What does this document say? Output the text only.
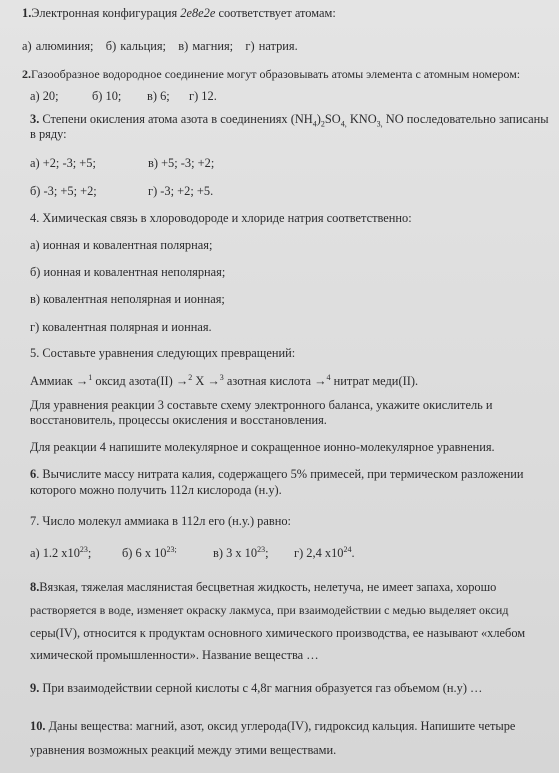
1.Электронная конфигурация 2e8e2e соответствует атомам:
а) алюминия;   б) кальция;   в) магния;   г) натрия.
2.Газообразное водородное соединение могут образовывать атомы элемента с атомным номером:
а) 20;	б) 10; в) 6; г) 12.
3. Степени окисления атома азота в соединениях $(NH_4)_2SO_{4,}$ $KNO_{3,}$ NO последовательно записаны
в ряду:
а) +2; -3; +5;	в) +5; -3; +2;
б) -3; +5; +2;	г) -3; +2; +5.
4. Химическая связь в хлороводороде и хлориде натрия соответственно:
а) ионная и ковалентная полярная;
б) ионная и ковалентная неполярная;
в) ковалентная неполярная и ионная;
г) ковалентная полярная и ионная.
5. Составьте уравнения следующих превращений:
Аммиак →$^1$ оксид азота(II) →$^2$ X →$^3$ азотная кислота →$^4$ нитрат меди(II).
Для уравнения реакции 3 составьте схему электронного баланса, укажите окислитель и
восстановитель, процессы окисления и восстановления.
Для реакции 4 напишите молекулярное и сокращенное ионно-молекулярное уравнения.
6. Вычислите массу нитрата калия, содержащего 5% примесей, при термическом разложении
которого можно получить 112л кислорода (н.у).
7. Число молекул аммиака в 112л его (н.у.) равно:
а) 1.2 $x10^{23}$; б) 6 x $10^{23;}$	в) 3 x $10^{23}$; г) 2,4 $x10^{24}$.
8.Вязкая, тяжелая маслянистая бесцветная жидкость, нелетуча, не имеет запаха, хорошо
растворяется в воде, изменяет окраску лакмуса, при взаимодействии с медью выделяет оксид
серы(IV), относится к продуктам основного химического производства, ее называют «хлебом
химической промышленности». Название вещества …
9. При взаимодействии серной кислоты с 4,8г магния образуется газ объемом (н.у) …
10. Даны вещества: магний, азот, оксид углерода(IV), гидроксид кальция. Напишите четыре
уравнения возможных реакций между этими веществами.
